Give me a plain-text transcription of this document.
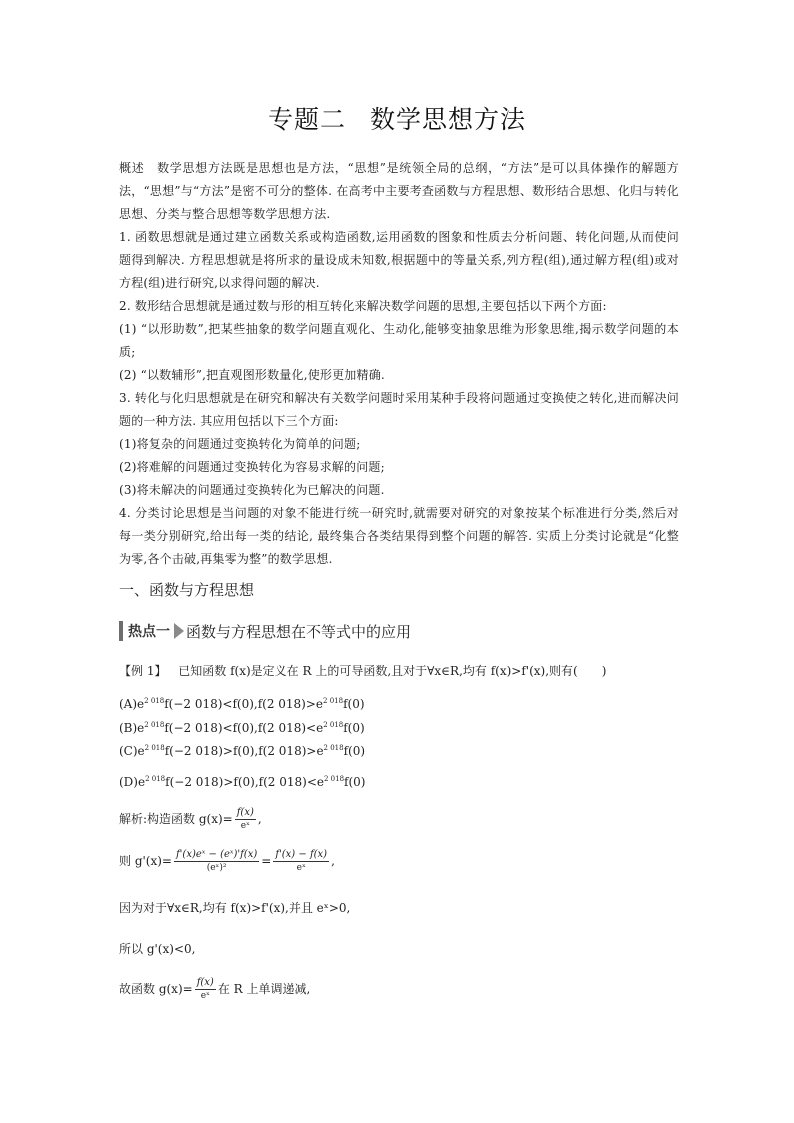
专题二 数学思想方法

概述　数学思想方法既是思想也是方法，“思想”是统领全局的总纲，“方法”是可以具体操作的解题方法，“思想”与“方法”是密不可分的整体. 在高考中主要考查函数与方程思想、数形结合思想、化归与转化思想、分类与整合思想等数学思想方法.

1. 函数思想就是通过建立函数关系或构造函数,运用函数的图象和性质去分析问题、转化问题,从而使问题得到解决. 方程思想就是将所求的量设成未知数,根据题中的等量关系,列方程(组),通过解方程(组)或对方程(组)进行研究,以求得问题的解决.

2. 数形结合思想就是通过数与形的相互转化来解决数学问题的思想,主要包括以下两个方面:

(1) “以形助数”,把某些抽象的数学问题直观化、生动化,能够变抽象思维为形象思维,揭示数学问题的本质;

(2) “以数辅形”,把直观图形数量化,使形更加精确.

3. 转化与化归思想就是在研究和解决有关数学问题时采用某种手段将问题通过变换使之转化,进而解决问题的一种方法. 其应用包括以下三个方面:

(1)将复杂的问题通过变换转化为简单的问题;

(2)将难解的问题通过变换转化为容易求解的问题;

(3)将未解决的问题通过变换转化为已解决的问题.

4. 分类讨论思想是当问题的对象不能进行统一研究时,就需要对研究的对象按某个标准进行分类,然后对每一类分别研究,给出每一类的结论, 最终集合各类结果得到整个问题的解答. 实质上分类讨论就是“化整为零,各个击破,再集零为整”的数学思想.

一、函数与方程思想
热点一 函数与方程思想在不等式中的应用
【例 1】 已知函数 f(x)是定义在 R 上的可导函数,且对于∀x∈R,均有 f(x)>f'(x),则有(　　)
$(A)e^{2 018}f(-2$ 018)<f(0),f(2 $018)>e^{2 018}f(0)$
$(B)e^{2 018}f(-2$ 018)<f(0),f(2 $018)<e^{2 018}f(0)$
$(C)e^{2 018}f(-2$ 018)>f(0),f(2 $018)>e^{2 018}f(0)$
$(D)e^{2 018}f(-2$ 018)>f(0),f(2 $018)<e^{2 018}f(0)$
解析:构造函数 $g(x)= \frac{f(x)}{\text{eˣ}}$ ,
则 $g'(x)= \frac{\text{f'(x)eˣ − (eˣ)'f(x)}}{\text{(eˣ)²}} = \frac{f'(x) - f(x)}{\text{eˣ}}$ ,
因为对于∀x∈R,均有 f(x)>f'(x),并且 eˣ>0,
所以 g'(x)<0,
故函数 $g(x)= \frac{f(x)}{\text{eˣ}}$ 在 R 上单调递减,
